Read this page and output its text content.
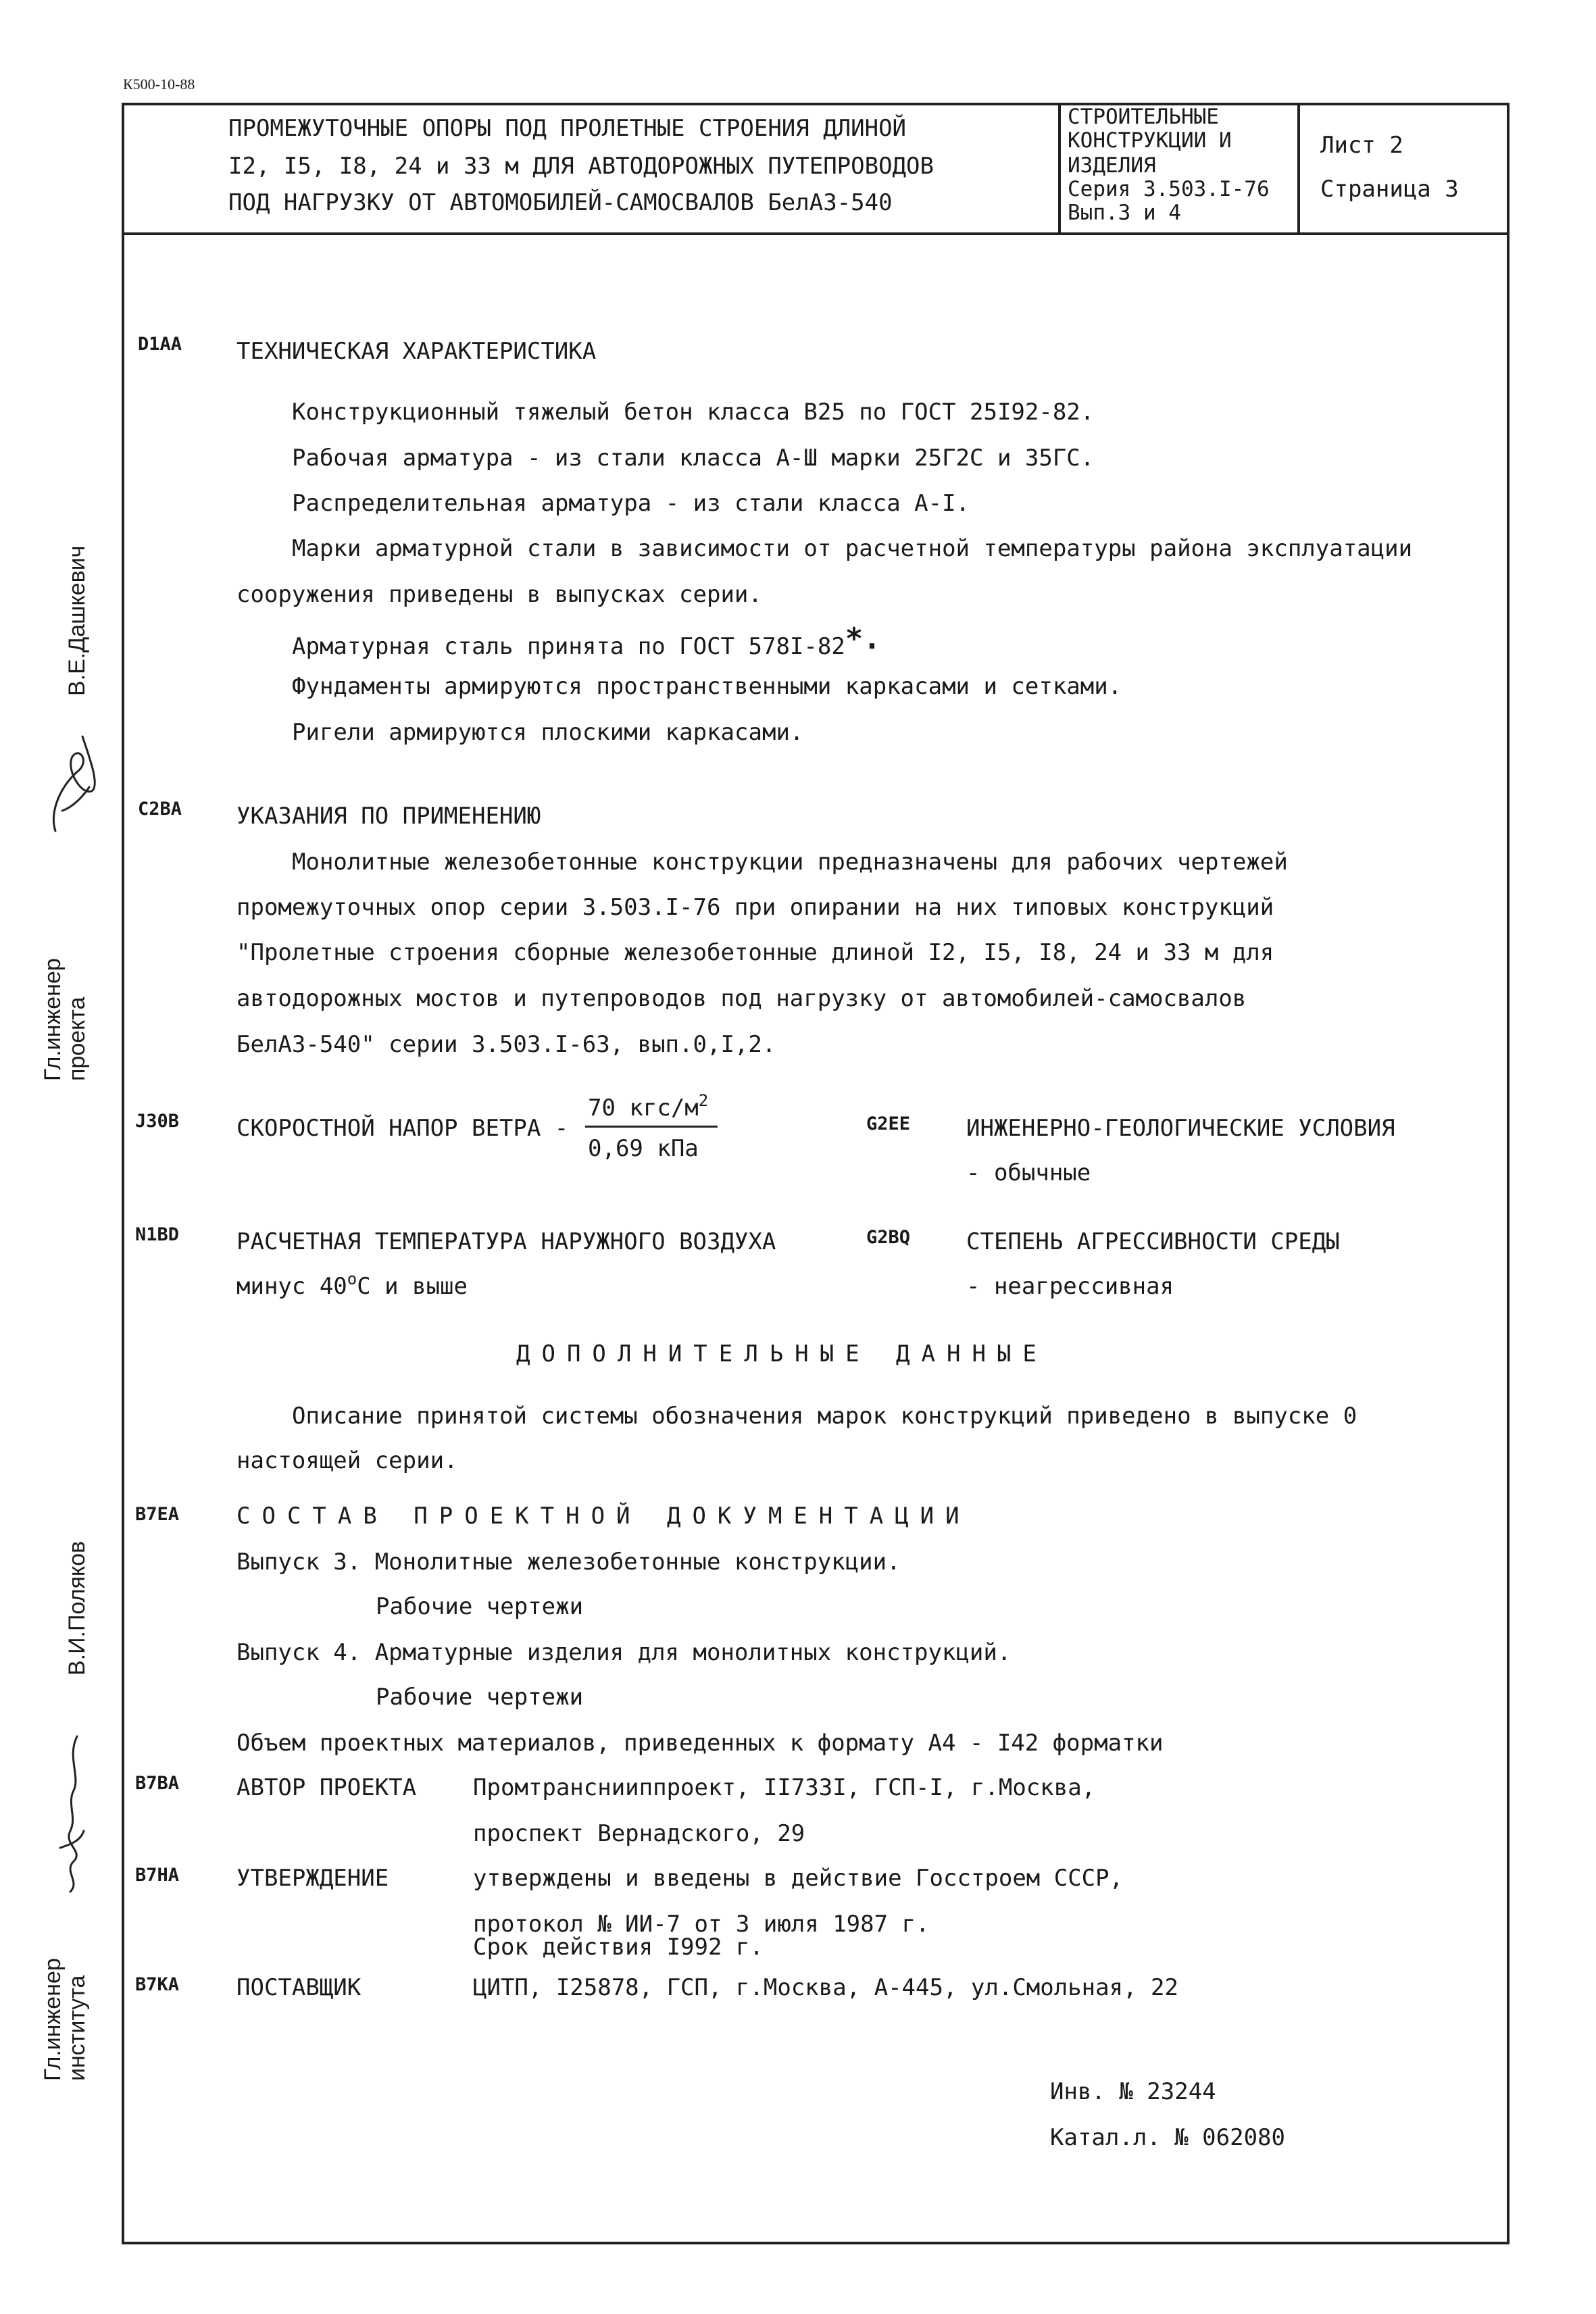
К500-10-88
ПРОМЕЖУТОЧНЫЕ ОПОРЫ ПОД ПРОЛЕТНЫЕ СТРОЕНИЯ ДЛИНОЙ
I2, I5, I8, 24 и 33 м ДЛЯ АВТОДОРОЖНЫХ ПУТЕПРОВОДОВ
ПОД НАГРУЗКУ ОТ АВТОМОБИЛЕЙ-САМОСВАЛОВ БелАЗ-540
СТРОИТЕЛЬНЫЕ
КОНСТРУКЦИИ И
ИЗДЕЛИЯ
Серия 3.503.I-76
Вып.3 и 4
Лист 2
Страница 3
В.Е.Дашкевич
Гл.инженер
проекта
В.И.Поляков
Гл.инженер
института
D1AA ТЕХНИЧЕСКАЯ ХАРАКТЕРИСТИКА
Конструкционный тяжелый бетон класса В25 по ГОСТ 25I92-82.
Рабочая арматура - из стали класса А-Ш марки 25Г2С и 35ГС.
Распределительная арматура - из стали класса А-I.
Марки арматурной стали в зависимости от расчетной температуры района эксплуатации
сооружения приведены в выпусках серии.
Арматурная сталь принята по ГОСТ 578I-82*.
Фундаменты армируются пространственными каркасами и сетками.
Ригели армируются плоскими каркасами.
C2BA УКАЗАНИЯ ПО ПРИМЕНЕНИЮ
Монолитные железобетонные конструкции предназначены для рабочих чертежей
промежуточных опор серии 3.503.I-76 при опирании на них типовых конструкций
"Пролетные строения сборные железобетонные длиной I2, I5, I8, 24 и 33 м для
автодорожных мостов и путепроводов под нагрузку от автомобилей-самосвалов
БелАЗ-540" серии 3.503.I-63, вып.0,I,2.
J30B СКОРОСТНОЙ НАПОР ВЕТРА -
70 кгс/$м^2$
0,69 кПа
G2EE ИНЖЕНЕРНО-ГЕОЛОГИЧЕСКИЕ УСЛОВИЯ
- обычные
N1BD РАСЧЕТНАЯ ТЕМПЕРАТУРА НАРУЖНОГО ВОЗДУХА
минус $40^оС$ и выше
G2BQ СТЕПЕНЬ АГРЕССИВНОСТИ СРЕДЫ
- неагрессивная
ДОПОЛНИТЕЛЬНЫЕ ДАННЫЕ
Описание принятой системы обозначения марок конструкций приведено в выпуске 0
настоящей серии.
B7EA СОСТАВ ПРОЕКТНОЙ ДОКУМЕНТАЦИИ
Выпуск 3. Монолитные железобетонные конструкции.
Рабочие чертежи
Выпуск 4. Арматурные изделия для монолитных конструкций.
Рабочие чертежи
Объем проектных материалов, приведенных к формату А4 - I42 форматки
B7BA АВТОР ПРОЕКТА Промтранснииппроект, II733I, ГСП-I, г.Москва,
проспект Вернадского, 29
B7HA УТВЕРЖДЕНИЕ	утверждены и введены в действие Госстроем СССР,
протокол № ИИ-7 от 3 июля 1987 г.
Срок действия I992 г.
B7KA ПОСТАВЩИК	ЦИТП, I25878, ГСП, г.Москва, А-445, ул.Смольная, 22
Инв. № 23244
Катал.л. № 062080
